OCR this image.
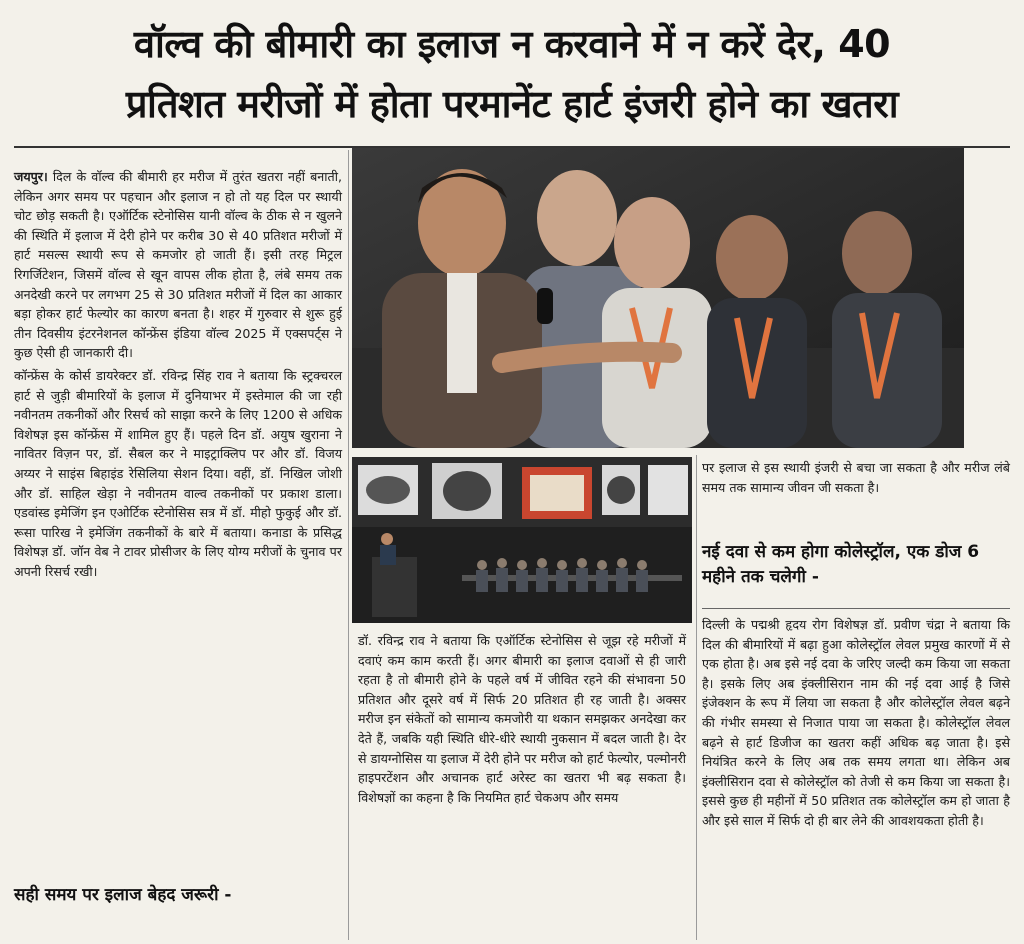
वॉल्व की बीमारी का इलाज न करवाने में न करें देर, 40
प्रतिशत मरीजों में होता परमानेंट हार्ट इंजरी होने का खतरा

जयपुर। दिल के वॉल्व की बीमारी हर मरीज में तुरंत खतरा नहीं बनाती, लेकिन अगर समय पर पहचान और इलाज न हो तो यह दिल पर स्थायी चोट छोड़ सकती है। एऑर्टिक स्टेनोसिस यानी वॉल्व के ठीक से न खुलने की स्थिति में इलाज में देरी होने पर करीब 30 से 40 प्रतिशत मरीजों में हार्ट मसल्स स्थायी रूप से कमजोर हो जाती हैं। इसी तरह मिट्रल रिगर्जिटेशन, जिसमें वॉल्व से खून वापस लीक होता है, लंबे समय तक अनदेखी करने पर लगभग 25 से 30 प्रतिशत मरीजों में दिल का आकार बड़ा होकर हार्ट फेल्योर का कारण बनता है। शहर में गुरुवार से शुरू हुई तीन दिवसीय इंटरनेशनल कॉन्फ्रेंस इंडिया वॉल्व 2025 में एक्सपर्ट्स ने कुछ ऐसी ही जानकारी दी।

कॉन्फ्रेंस के कोर्स डायरेक्टर डॉ. रविन्द्र सिंह राव ने बताया कि स्ट्रक्चरल हार्ट से जुड़ी बीमारियों के इलाज में दुनियाभर में इस्तेमाल की जा रही नवीनतम तकनीकों और रिसर्च को साझा करने के लिए 1200 से अधिक विशेषज्ञ इस कॉन्फ्रेंस में शामिल हुए हैं। पहले दिन डॉ. अयुष खुराना ने नावितर विज़न पर, डॉ. सैबल कर ने माइट्राक्लिप पर और डॉ. विजय अय्यर ने साइंस बिहाइंड रेसिलिया सेशन दिया। वहीं, डॉ. निखिल जोशी और डॉ. साहिल खेड़ा ने नवीनतम वाल्व तकनीकों पर प्रकाश डाला। एडवांस्ड इमेजिंग इन एओर्टिक स्टेनोसिस सत्र में डॉ. मीहो फुकुई और डॉ. रूसा पारिख ने इमेजिंग तकनीकों के बारे में बताया। कनाडा के प्रसिद्ध विशेषज्ञ डॉ. जॉन वेब ने टावर प्रोसीजर के लिए योग्य मरीजों के चुनाव पर अपनी रिसर्च रखी।

सही समय पर इलाज बेहद जरूरी -

डॉ. रविन्द्र राव ने बताया कि एऑर्टिक स्टेनोसिस से जूझ रहे मरीजों में दवाएं कम काम करती हैं। अगर बीमारी का इलाज दवाओं से ही जारी रहता है तो बीमारी होने के पहले वर्ष में जीवित रहने की संभावना 50 प्रतिशत और दूसरे वर्ष में सिर्फ 20 प्रतिशत ही रह जाती है। अक्सर मरीज इन संकेतों को सामान्य कमजोरी या थकान समझकर अनदेखा कर देते हैं, जबकि यही स्थिति धीरे-धीरे स्थायी नुकसान में बदल जाती है। देर से डायग्नोसिस या इलाज में देरी होने पर मरीज को हार्ट फेल्योर, पल्मोनरी हाइपरटेंशन और अचानक हार्ट अरेस्ट का खतरा भी बढ़ सकता है। विशेषज्ञों का कहना है कि नियमित हार्ट चेकअप और समय

पर इलाज से इस स्थायी इंजरी से बचा जा सकता है और मरीज लंबे समय तक सामान्य जीवन जी सकता है।

नई दवा से कम होगा कोलेस्ट्रॉल, एक डोज 6 महीने तक चलेगी -

दिल्ली के पद्मश्री हृदय रोग विशेषज्ञ डॉ. प्रवीण चंद्रा ने बताया कि दिल की बीमारियों में बढ़ा हुआ कोलेस्ट्रॉल लेवल प्रमुख कारणों में से एक होता है। अब इसे नई दवा के जरिए जल्दी कम किया जा सकता है। इसके लिए अब इंक्लीसिरान नाम की नई दवा आई है जिसे इंजेक्शन के रूप में लिया जा सकता है और कोलेस्ट्रॉल लेवल बढ़ने की गंभीर समस्या से निजात पाया जा सकता है। कोलेस्ट्रॉल लेवल बढ़ने से हार्ट डिजीज का खतरा कहीं अधिक बढ़ जाता है। इसे नियंत्रित करने के लिए अब तक समय लगता था। लेकिन अब इंक्लीसिरान दवा से कोलेस्ट्रॉल को तेजी से कम किया जा सकता है। इससे कुछ ही महीनों में 50 प्रतिशत तक कोलेस्ट्रॉल कम हो जाता है और इसे साल में सिर्फ दो ही बार लेने की आवशयकता होती है।
